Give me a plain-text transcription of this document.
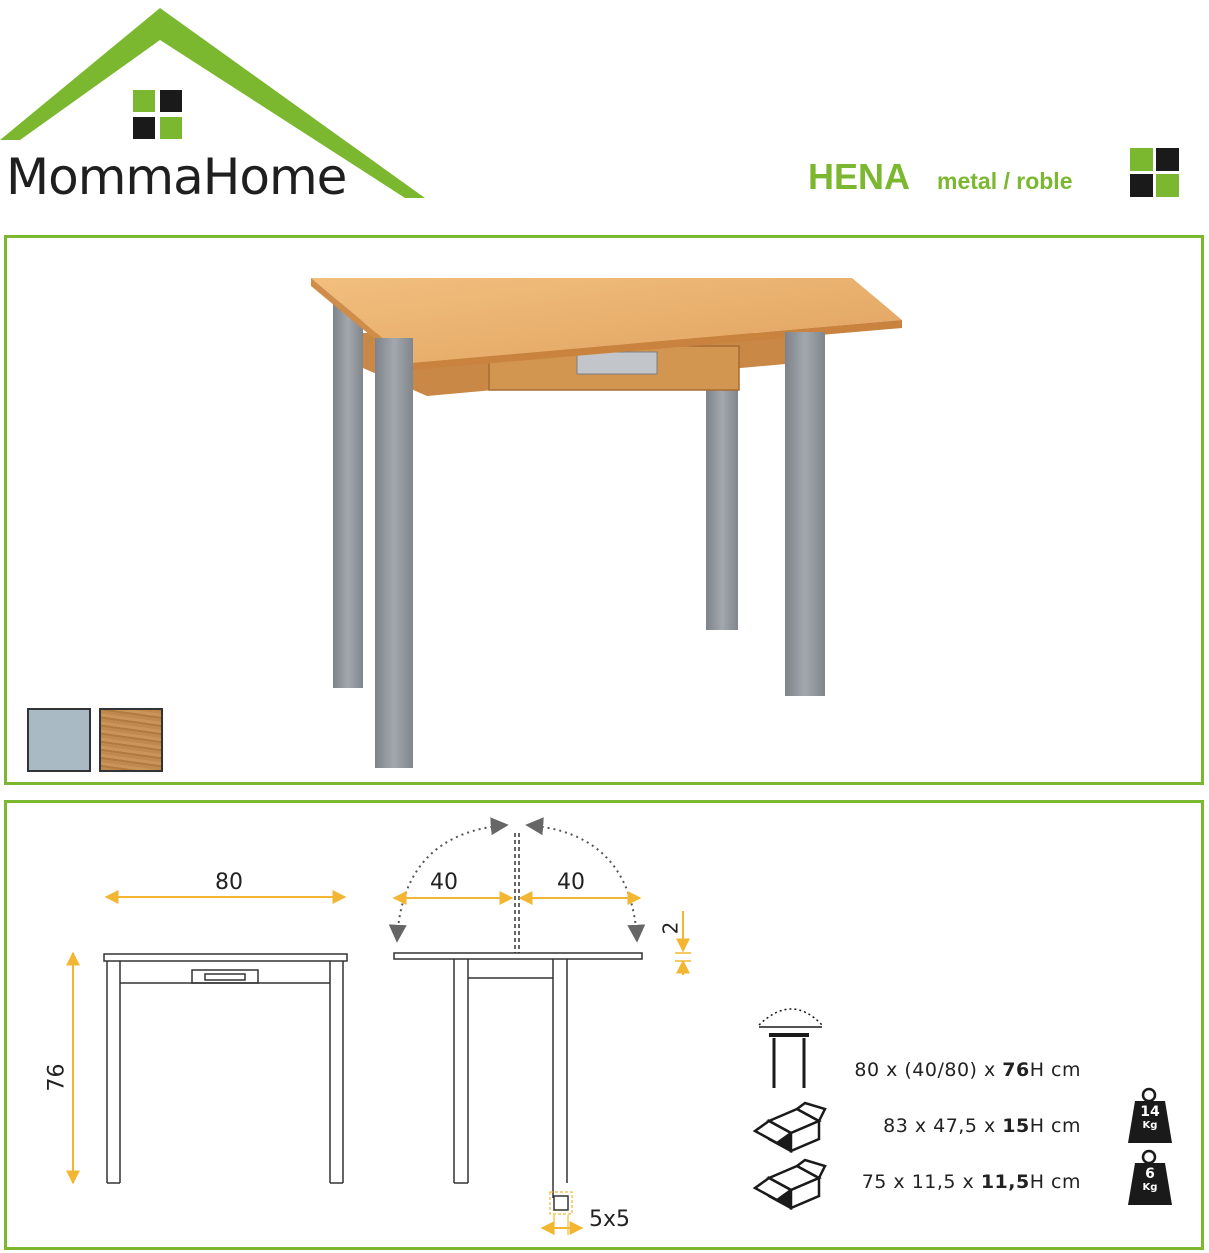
MommaHome	HENA metal / roble
80
76
40	40
2
5x5
80 x (40/80) x 76H cm
83 x 47,5 x 15H cm
75 x 11,5 x 11,5H cm
14
Kg
6
Kg
